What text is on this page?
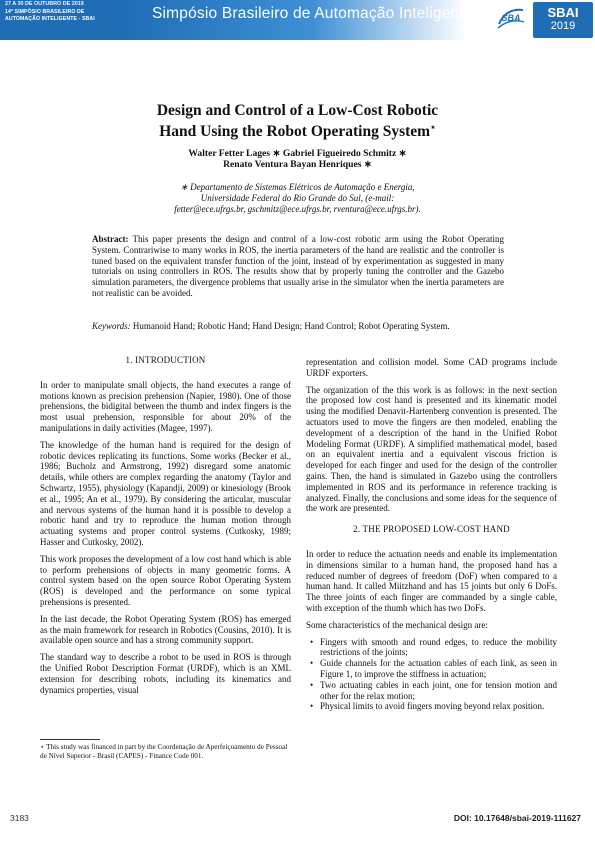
27 A 30 DE OUTUBRO DE 2019
14º SIMPÓSIO BRASILEIRO DE
AUTOMAÇÃO INTELIGENTE - SBAI	Simpósio Brasileiro de Automação Inteligente	SBA	SBAI
2019
Design and Control of a Low-Cost Robotic
Hand Using the Robot Operating System⋆
Walter Fetter Lages ∗ Gabriel Figueiredo Schmitz ∗
Renato Ventura Bayan Henriques ∗
∗ Departamento de Sistemas Elétricos de Automação e Energia,
Universidade Federal do Rio Grande do Sul, (e-mail:
fetter@ece.ufrgs.br, gschmitz@ece.ufrgs.br, rventura@ece.ufrgs.br).
Abstract: This paper presents the design and control of a low-cost robotic arm using the Robot Operating System. Contrariwise to many works in ROS, the inertia parameters of the hand are realistic and the controller is tuned based on the equivalent transfer function of the joint, instead of by experimentation as suggested in many tutorials on using controllers in ROS. The results show that by properly tuning the controller and the Gazebo simulation parameters, the divergence problems that usually arise in the simulator when the inertia parameters are not realistic can be avoided.
Keywords: Humanoid Hand; Robotic Hand; Hand Design; Hand Control; Robot Operating System.

1. INTRODUCTION

In order to manipulate small objects, the hand executes a range of motions known as precision prehension (Napier, 1980). One of those prehensions, the bidigital between the thumb and index fingers is the most usual prehension, responsible for about 20% of the manipulations in daily activities (Magee, 1997).

The knowledge of the human hand is required for the design of robotic devices replicating its functions. Some works (Becker et al., 1986; Bucholz and Armstrong, 1992) disregard some anatomic details, while others are complex regarding the anatomy (Taylor and Schwartz, 1955), physiology (Kapandji, 2009) or kinesiology (Brook et al., 1995; An et al., 1979). By considering the articular, muscular and nervous systems of the human hand it is possible to develop a robotic hand and try to reproduce the human motion through actuating systems and proper control systems (Cutkosky, 1989; Hasser and Cutkosky, 2002).

This work proposes the development of a low cost hand which is able to perform prehensions of objects in many geometric forms. A control system based on the open source Robot Operating System (ROS) is developed and the performance on some typical prehensions is presented.

In the last decade, the Robot Operating System (ROS) has emerged as the main framework for research in Robotics (Cousins, 2010). It is available open source and has a strong community support.

The standard way to describe a robot to be used in ROS is through the Unified Robot Description Format (URDF), which is an XML extension for describing robots, including its kinematics and dynamics properties, visual

⋆ This study was financed in part by the Coordenação de Aperfeiçoamento de Pessoal de Nível Superior - Brasil (CAPES) - Finance Code 001.

representation and collision model. Some CAD programs include URDF exporters.

The organization of the this work is as follows: in the next section the proposed low cost hand is presented and its kinematic model using the modified Denavit-Hartenberg convention is presented. The actuators used to move the fingers are then modeled, enabling the development of a description of the hand in the Unified Robot Modeling Format (URDF). A simplified mathematical model, based on an equivalent inertia and a equivalent viscous friction is developed for each finger and used for the design of the controller gains. Then, the hand is simulated in Gazebo using the controllers implemented in ROS and its performance in reference tracking is analyzed. Finally, the conclusions and some ideas for the sequence of the work are presented.

2. THE PROPOSED LOW-COST HAND

In order to reduce the actuation needs and enable its implementation in dimensions similar to a human hand, the proposed hand has a reduced number of degrees of freedom (DoF) when compared to a human hand. It called Miitzhand and has 15 joints but only 6 DoFs. The three joints of each finger are commanded by a single cable, with exception of the thumb which has two DoFs.

Some characteristics of the mechanical design are:

• Fingers with smooth and round edges, to reduce the mobility restrictions of the joints;
• Guide channels for the actuation cables of each link, as seen in Figure 1, to improve the stiffness in actuation;
• Two actuating cables in each joint, one for tension motion and other for the relax motion;
• Physical limits to avoid fingers moving beyond relax position.
3183	DOI: 10.17648/sbai-2019-111627
